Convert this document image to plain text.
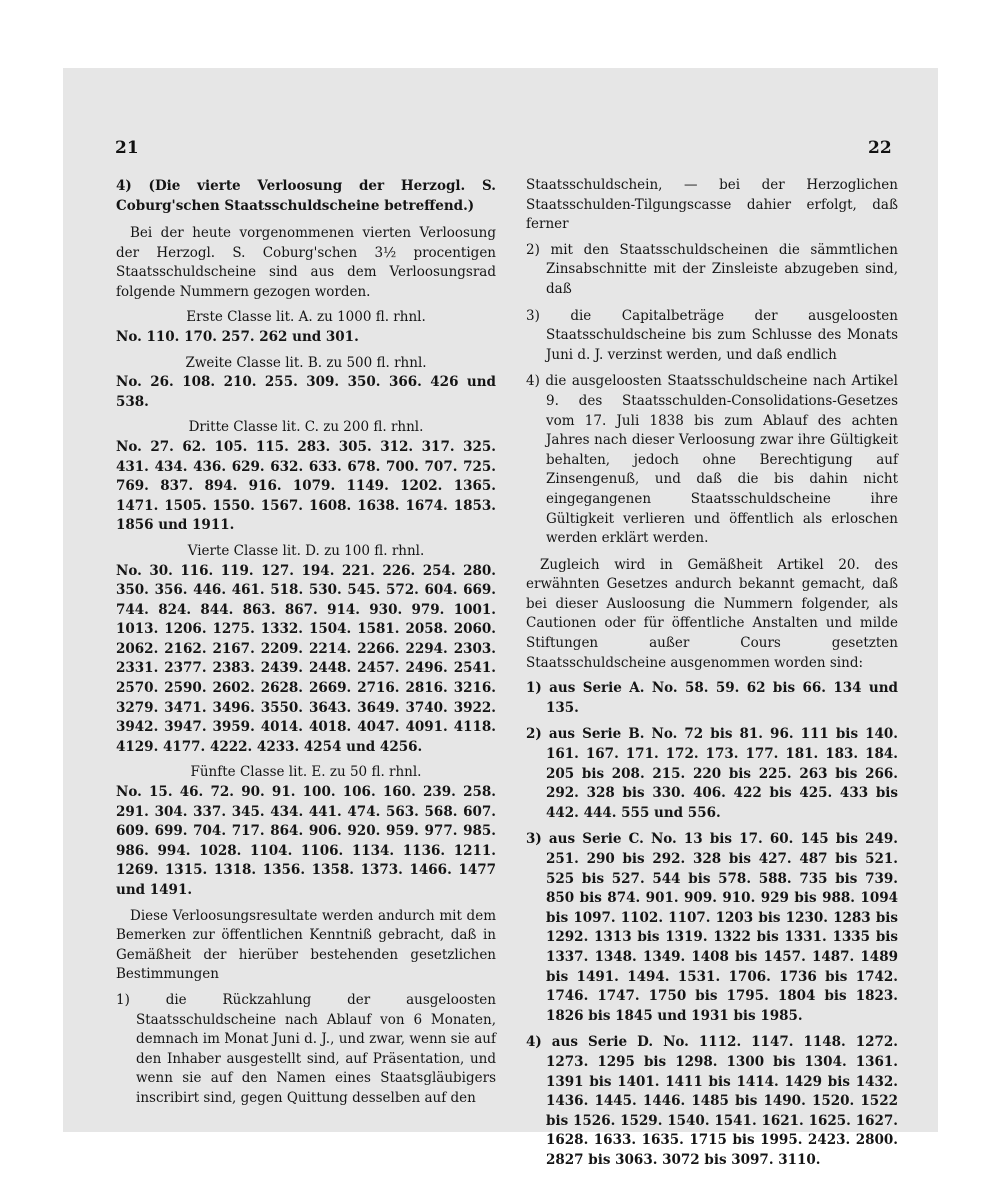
21	22

4) (Die vierte Verloosung der Herzogl. S. Coburg'schen Staatsschuldscheine betreffend.)

Bei der heute vorgenommenen vierten Verloosung der Herzogl. S. Coburg'schen 3½ procentigen Staatsschuldscheine sind aus dem Verloosungsrad folgende Nummern gezogen worden.

Erste Classe lit. A. zu 1000 fl. rhnl.

No. 110. 170. 257. 262 und 301.

Zweite Classe lit. B. zu 500 fl. rhnl.

No. 26. 108. 210. 255. 309. 350. 366. 426 und 538.

Dritte Classe lit. C. zu 200 fl. rhnl.

No. 27. 62. 105. 115. 283. 305. 312. 317. 325. 431. 434. 436. 629. 632. 633. 678. 700. 707. 725. 769. 837. 894. 916. 1079. 1149. 1202. 1365. 1471. 1505. 1550. 1567. 1608. 1638. 1674. 1853. 1856 und 1911.

Vierte Classe lit. D. zu 100 fl. rhnl.

No. 30. 116. 119. 127. 194. 221. 226. 254. 280. 350. 356. 446. 461. 518. 530. 545. 572. 604. 669. 744. 824. 844. 863. 867. 914. 930. 979. 1001. 1013. 1206. 1275. 1332. 1504. 1581. 2058. 2060. 2062. 2162. 2167. 2209. 2214. 2266. 2294. 2303. 2331. 2377. 2383. 2439. 2448. 2457. 2496. 2541. 2570. 2590. 2602. 2628. 2669. 2716. 2816. 3216. 3279. 3471. 3496. 3550. 3643. 3649. 3740. 3922. 3942. 3947. 3959. 4014. 4018. 4047. 4091. 4118. 4129. 4177. 4222. 4233. 4254 und 4256.

Fünfte Classe lit. E. zu 50 fl. rhnl.

No. 15. 46. 72. 90. 91. 100. 106. 160. 239. 258. 291. 304. 337. 345. 434. 441. 474. 563. 568. 607. 609. 699. 704. 717. 864. 906. 920. 959. 977. 985. 986. 994. 1028. 1104. 1106. 1134. 1136. 1211. 1269. 1315. 1318. 1356. 1358. 1373. 1466. 1477 und 1491.

Diese Verloosungsresultate werden andurch mit dem Bemerken zur öffentlichen Kenntniß gebracht, daß in Gemäßheit der hierüber bestehenden gesetzlichen Bestimmungen

1) die Rückzahlung der ausgeloosten Staatsschuldscheine nach Ablauf von 6 Monaten, demnach im Monat Juni d. J., und zwar, wenn sie auf den Inhaber ausgestellt sind, auf Präsentation, und wenn sie auf den Namen eines Staatsgläubigers inscribirt sind, gegen Quittung desselben auf den

Staatsschuldschein, — bei der Herzoglichen Staatsschulden-Tilgungscasse dahier erfolgt, daß ferner

2) mit den Staatsschuldscheinen die sämmtlichen Zinsabschnitte mit der Zinsleiste abzugeben sind, daß

3) die Capitalbeträge der ausgeloosten Staatsschuldscheine bis zum Schlusse des Monats Juni d. J. verzinst werden, und daß endlich

4) die ausgeloosten Staatsschuldscheine nach Artikel 9. des Staatsschulden-Consolidations-Gesetzes vom 17. Juli 1838 bis zum Ablauf des achten Jahres nach dieser Verloosung zwar ihre Gültigkeit behalten, jedoch ohne Berechtigung auf Zinsengenuß, und daß die bis dahin nicht eingegangenen Staatsschuldscheine ihre Gültigkeit verlieren und öffentlich als erloschen werden erklärt werden.

Zugleich wird in Gemäßheit Artikel 20. des erwähnten Gesetzes andurch bekannt gemacht, daß bei dieser Ausloosung die Nummern folgender, als Cautionen oder für öffentliche Anstalten und milde Stiftungen außer Cours gesetzten Staatsschuldscheine ausgenommen worden sind:

1) aus Serie A. No. 58. 59. 62 bis 66. 134 und 135.

2) aus Serie B. No. 72 bis 81. 96. 111 bis 140. 161. 167. 171. 172. 173. 177. 181. 183. 184. 205 bis 208. 215. 220 bis 225. 263 bis 266. 292. 328 bis 330. 406. 422 bis 425. 433 bis 442. 444. 555 und 556.

3) aus Serie C. No. 13 bis 17. 60. 145 bis 249. 251. 290 bis 292. 328 bis 427. 487 bis 521. 525 bis 527. 544 bis 578. 588. 735 bis 739. 850 bis 874. 901. 909. 910. 929 bis 988. 1094 bis 1097. 1102. 1107. 1203 bis 1230. 1283 bis 1292. 1313 bis 1319. 1322 bis 1331. 1335 bis 1337. 1348. 1349. 1408 bis 1457. 1487. 1489 bis 1491. 1494. 1531. 1706. 1736 bis 1742. 1746. 1747. 1750 bis 1795. 1804 bis 1823. 1826 bis 1845 und 1931 bis 1985.

4) aus Serie D. No. 1112. 1147. 1148. 1272. 1273. 1295 bis 1298. 1300 bis 1304. 1361. 1391 bis 1401. 1411 bis 1414. 1429 bis 1432. 1436. 1445. 1446. 1485 bis 1490. 1520. 1522 bis 1526. 1529. 1540. 1541. 1621. 1625. 1627. 1628. 1633. 1635. 1715 bis 1995. 2423. 2800. 2827 bis 3063. 3072 bis 3097. 3110.
